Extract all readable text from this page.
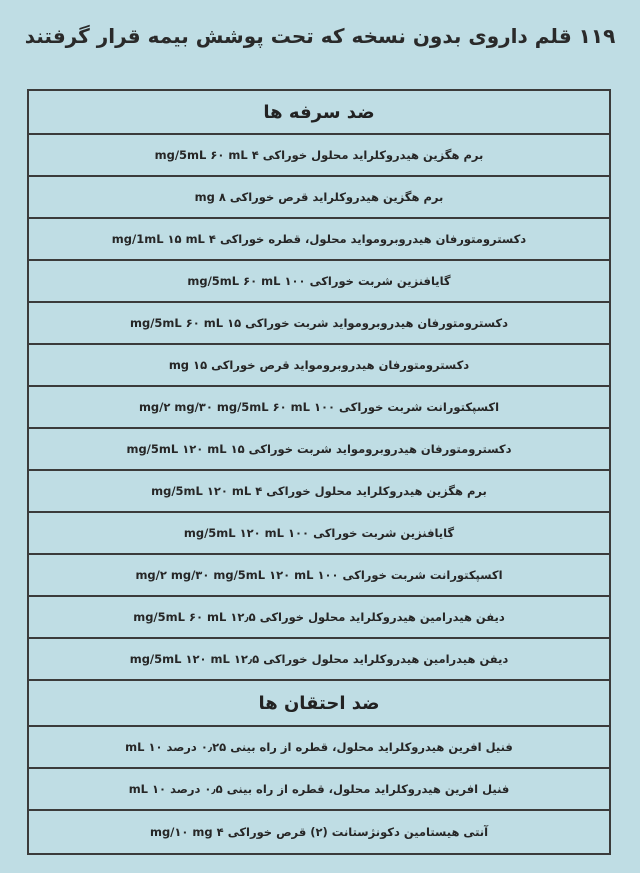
۱۱۹ قلم داروی بدون نسخه که تحت پوشش بیمه قرار گرفتند
ضد سرفه ها
برم هگزین هیدروکلراید محلول خوراکی ۴ mg/5mL ۶۰ mL
برم هگزین هیدروکلراید قرص خوراکی ۸ mg
دکسترومتورفان هیدروبرومواید محلول، قطره خوراکی ۴ mg/1mL ۱۵ mL
گایافنزین شربت خوراکی ۱۰۰ mg/5mL ۶۰ mL
دکسترومتورفان هیدروبرومواید شربت خوراکی ۱۵ mg/5mL ۶۰ mL
دکسترومتورفان هیدروبرومواید قرص خوراکی ۱۵ mg
اکسپکتورانت شربت خوراکی ۱۰۰ mg/۲ mg/۳۰ mg/5mL ۶۰ mL
دکسترومتورفان هیدروبرومواید شربت خوراکی ۱۵ mg/5mL ۱۲۰ mL
برم هگزین هیدروکلراید محلول خوراکی ۴ mg/5mL ۱۲۰ mL
گایافنزین شربت خوراکی ۱۰۰ mg/5mL ۱۲۰ mL
اکسپکتورانت شربت خوراکی ۱۰۰ mg/۲ mg/۳۰ mg/5mL ۱۲۰ mL
دیفن هیدرامین هیدروکلراید محلول خوراکی ۱۲٫۵ mg/5mL ۶۰ mL
دیفن هیدرامین هیدروکلراید محلول خوراکی ۱۲٫۵ mg/5mL ۱۲۰ mL
ضد احتقان ها
فنیل افرین هیدروکلراید محلول، قطره از راه بینی ۰٫۲۵ درصد ۱۰ mL
فنیل افرین هیدروکلراید محلول، قطره از راه بینی ۰٫۵ درصد ۱۰ mL
آنتی هیستامین دکونژستانت (۲) قرص خوراکی ۴ mg/۱۰ mg
